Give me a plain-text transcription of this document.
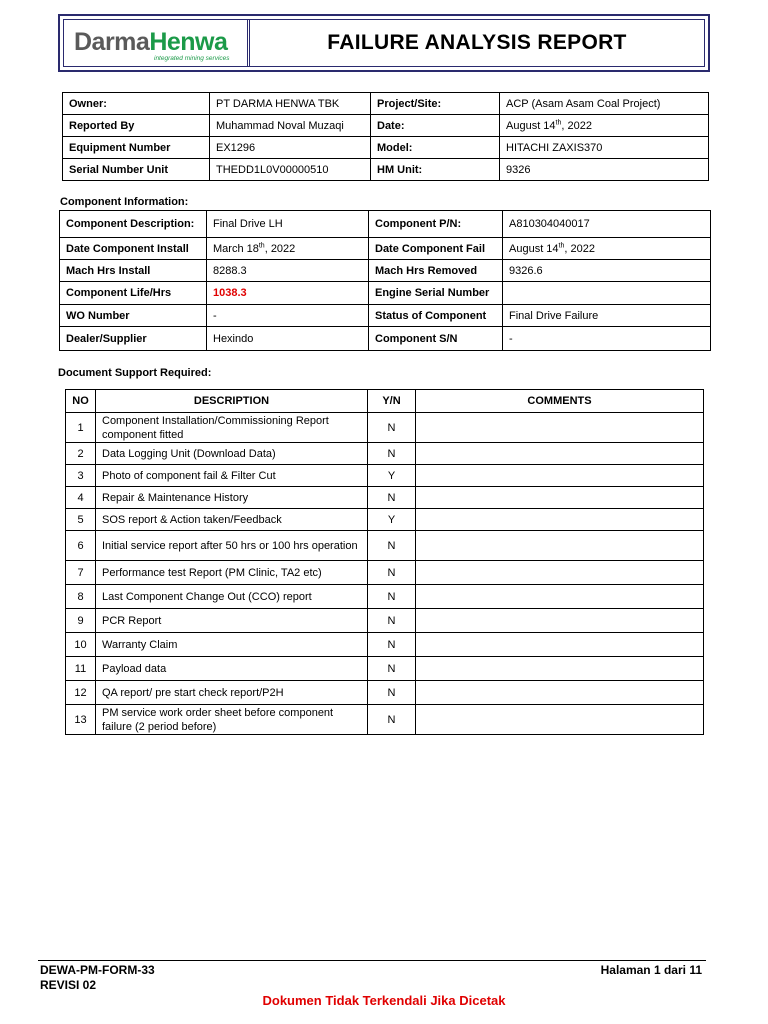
DarmaHenwa
integrated mining services
FAILURE ANALYSIS REPORT
Owner:	PT DARMA HENWA TBK	Project/Site:	ACP (Asam Asam Coal Project)
Reported By	Muhammad Noval Muzaqi	Date:	August 14th, 2022
Equipment Number	EX1296	Model:	HITACHI ZAXIS370
Serial Number Unit	THEDD1L0V00000510	HM Unit:	9326
Component Information:
Component Description:	Final Drive LH	Component P/N:	A810304040017
Date Component Install	March 18th, 2022	Date Component Fail	August 14th, 2022
Mach Hrs Install	8288.3	Mach Hrs Removed	9326.6
Component Life/Hrs	1038.3	Engine Serial Number	
WO Number	-	Status of Component	Final Drive Failure
Dealer/Supplier	Hexindo	Component S/N	-
Document Support Required:
NO	DESCRIPTION	Y/N	COMMENTS
1	Component Installation/Commissioning Report component fitted	N	
2	Data Logging Unit (Download Data)	N	
3	Photo of component fail & Filter Cut	Y	
4	Repair & Maintenance History	N	
5	SOS report & Action taken/Feedback	Y	
6	Initial service report after 50 hrs or 100 hrs operation	N	
7	Performance test Report (PM Clinic, TA2 etc)	N	
8	Last Component Change Out (CCO) report	N	
9	PCR Report	N	
10	Warranty Claim	N	
11	Payload data	N	
12	QA report/ pre start check report/P2H	N	
13	PM service work order sheet before component failure (2 period before)	N	
DEWA-PM-FORM-33
REVISI 02
Halaman 1 dari 11
Dokumen Tidak Terkendali Jika Dicetak
